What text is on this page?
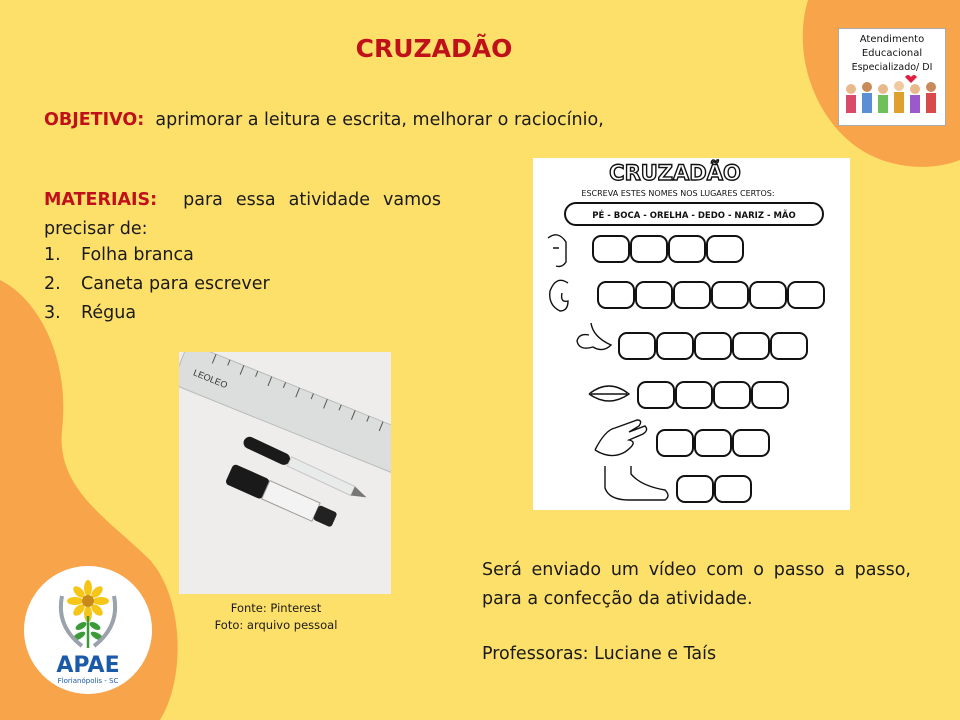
CRUZADÃO
OBJETIVO: aprimorar a leitura e escrita, melhorar o raciocínio,
MATERIAIS: para essa atividade vamos precisar de:
1. Folha branca
2. Caneta para escrever
3. Régua
LEOLEO
Fonte: Pinterest
Foto: arquivo pessoal
CRUZADÃO
ESCREVA ESTES NOMES NOS LUGARES CERTOS:
PÉ - BOCA - ORELHA - DEDO - NARIZ - MÃO
Atendimento
Educacional
Especializado/ DI
APAE
Florianópolis - SC
Será enviado um vídeo com o passo a passo, para a confecção da atividade.
Professoras: Luciane e Taís
